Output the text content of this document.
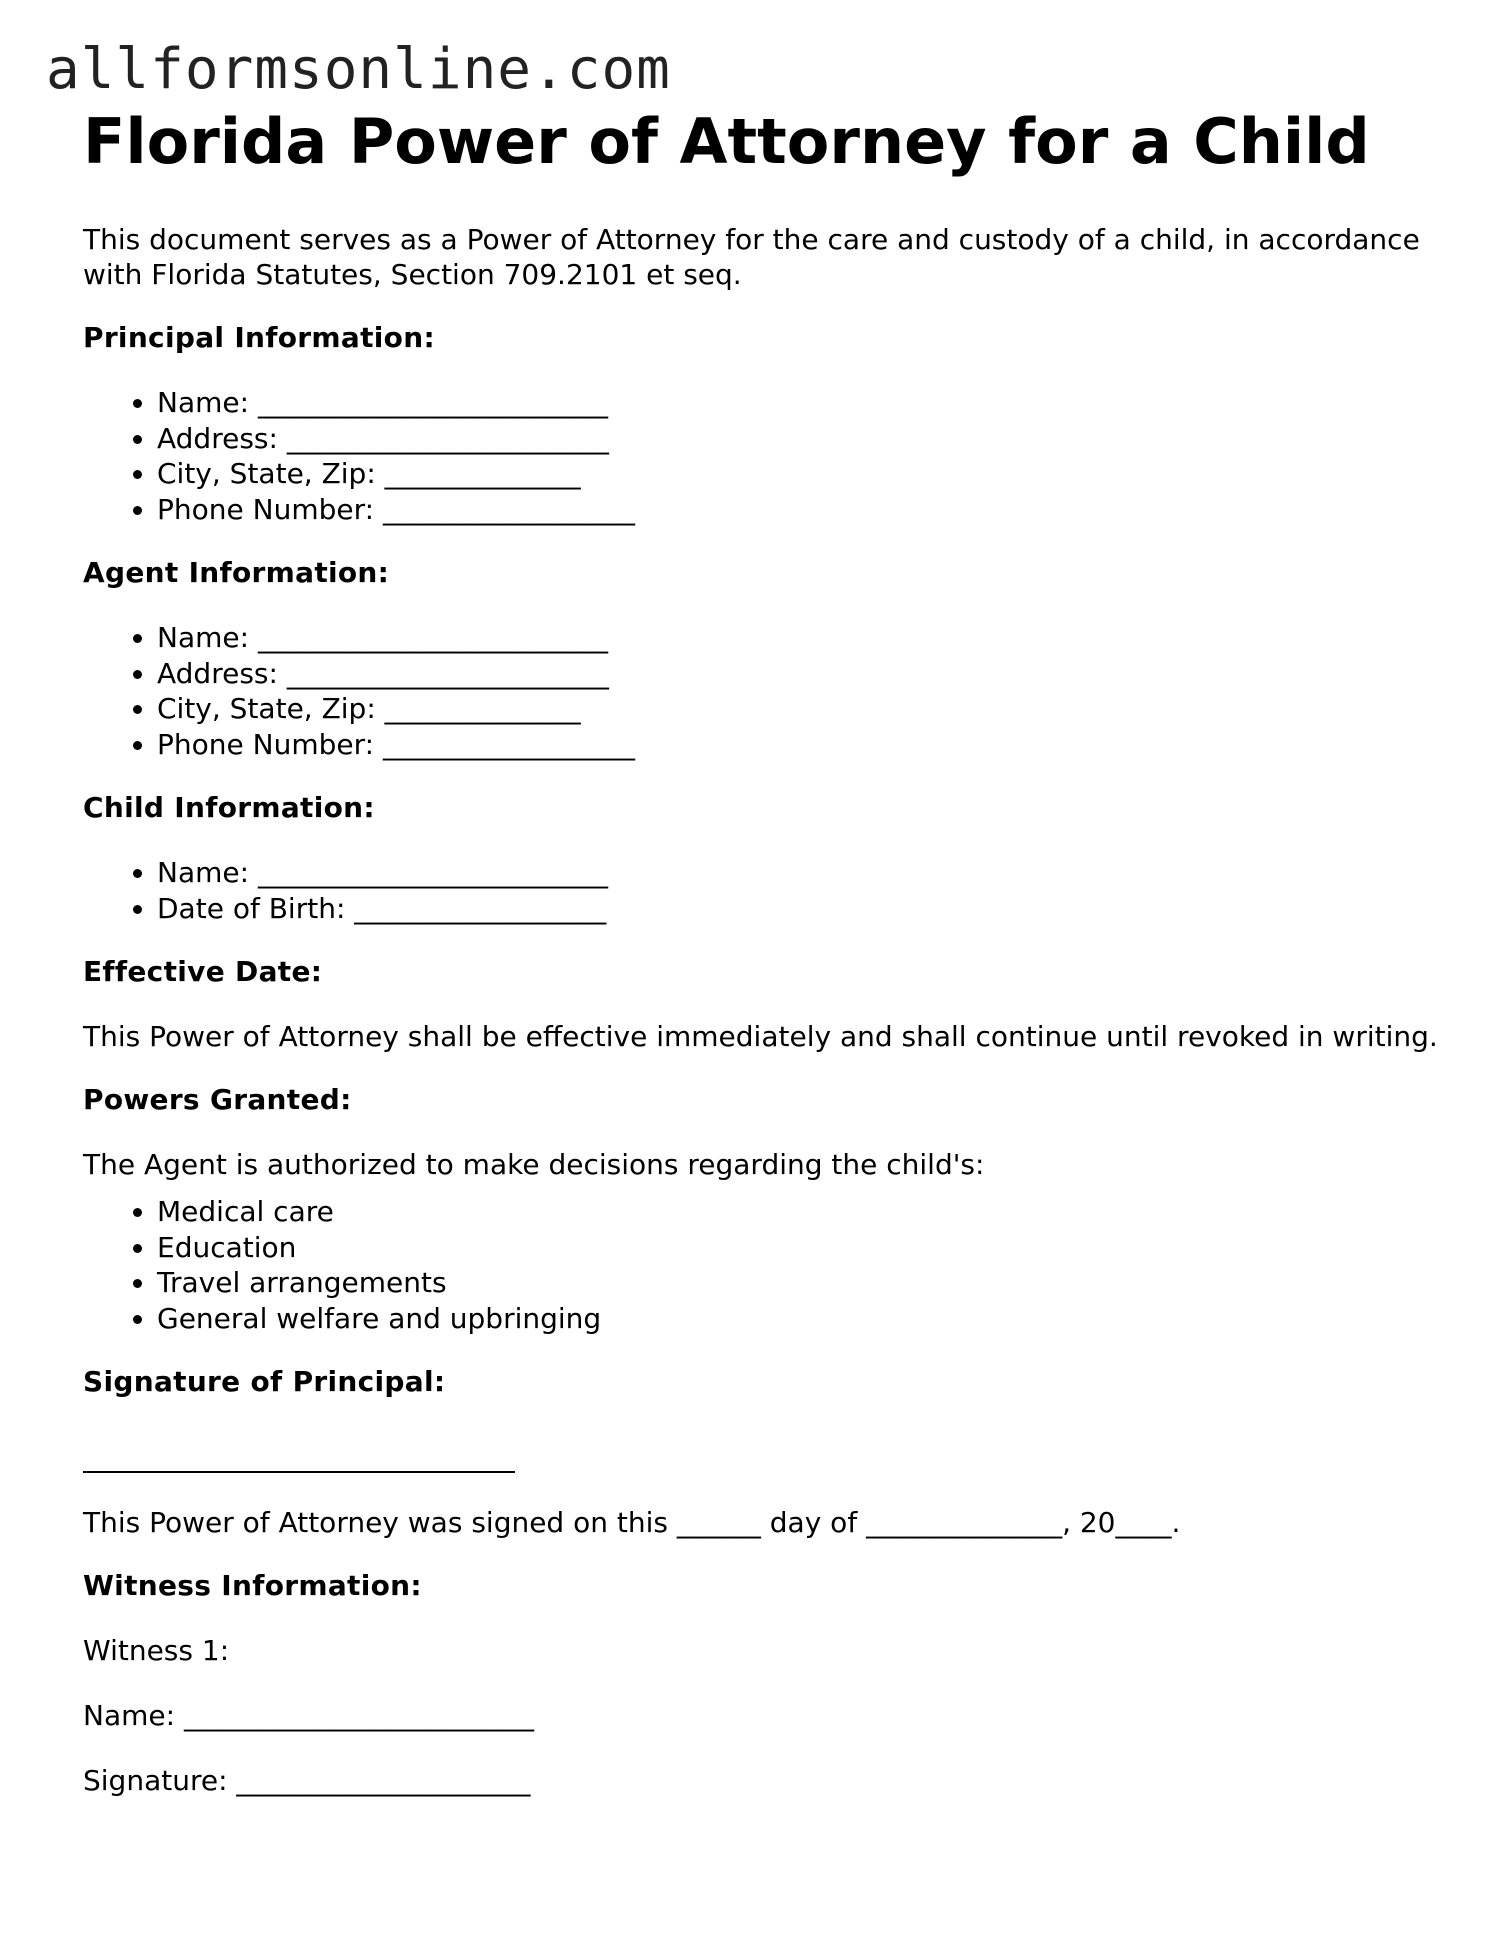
allformsonline.com
Florida Power of Attorney for a Child

This document serves as a Power of Attorney for the care and custody of a child, in accordance with Florida Statutes, Section 709.2101 et seq.

Principal Information:
• Name: _________________________
• Address: _______________________
• City, State, Zip: ______________
• Phone Number: __________________
Agent Information:
• Name: _________________________
• Address: _______________________
• City, State, Zip: ______________
• Phone Number: __________________
Child Information:
• Name: _________________________
• Date of Birth: __________________
Effective Date:

This Power of Attorney shall be effective immediately and shall continue until revoked in writing.

Powers Granted:

The Agent is authorized to make decisions regarding the child's:

• Medical care
• Education
• Travel arrangements
• General welfare and upbringing
Signature of Principal:

This Power of Attorney was signed on this ______ day of ______________, 20____.

Witness Information:

Witness 1:

Name: _________________________

Signature: _____________________
